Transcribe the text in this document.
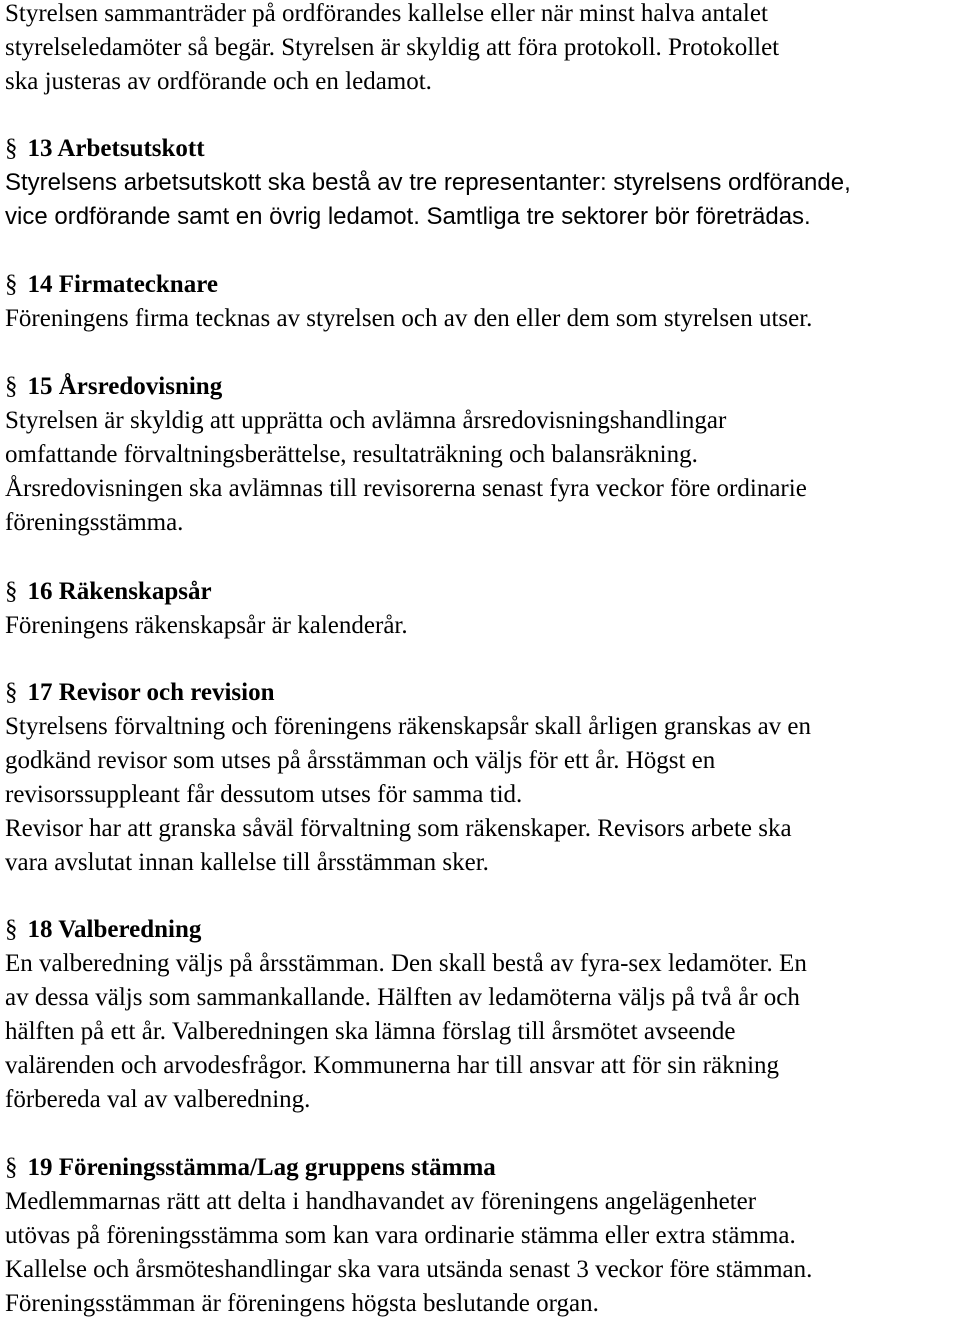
Styrelsen sammanträder på ordförandes kallelse eller när minst halva antalet
styrelseledamöter så begär. Styrelsen är skyldig att föra protokoll. Protokollet
ska justeras av ordförande och en ledamot.
§ 13 Arbetsutskott
Styrelsens arbetsutskott ska bestå av tre representanter: styrelsens ordförande,
vice ordförande samt en övrig ledamot. Samtliga tre sektorer bör företrädas.
§ 14 Firmatecknare
Föreningens firma tecknas av styrelsen och av den eller dem som styrelsen utser.
§ 15 Årsredovisning
Styrelsen är skyldig att upprätta och avlämna årsredovisningshandlingar
omfattande förvaltningsberättelse, resultaträkning och balansräkning.
Årsredovisningen ska avlämnas till revisorerna senast fyra veckor före ordinarie
föreningsstämma.
§ 16 Räkenskapsår
Föreningens räkenskapsår är kalenderår.
§ 17 Revisor och revision
Styrelsens förvaltning och föreningens räkenskapsår skall årligen granskas av en
godkänd revisor som utses på årsstämman och väljs för ett år. Högst en
revisorssuppleant får dessutom utses för samma tid.
Revisor har att granska såväl förvaltning som räkenskaper. Revisors arbete ska
vara avslutat innan kallelse till årsstämman sker.
§ 18 Valberedning
En valberedning väljs på årsstämman. Den skall bestå av fyra-sex ledamöter. En
av dessa väljs som sammankallande. Hälften av ledamöterna väljs på två år och
hälften på ett år. Valberedningen ska lämna förslag till årsmötet avseende
valärenden och arvodesfrågor. Kommunerna har till ansvar att för sin räkning
förbereda val av valberedning.
§ 19 Föreningsstämma/Lag gruppens stämma
Medlemmarnas rätt att delta i handhavandet av föreningens angelägenheter
utövas på föreningsstämma som kan vara ordinarie stämma eller extra stämma.
Kallelse och årsmöteshandlingar ska vara utsända senast 3 veckor före stämman.
Föreningsstämman är föreningens högsta beslutande organ.
